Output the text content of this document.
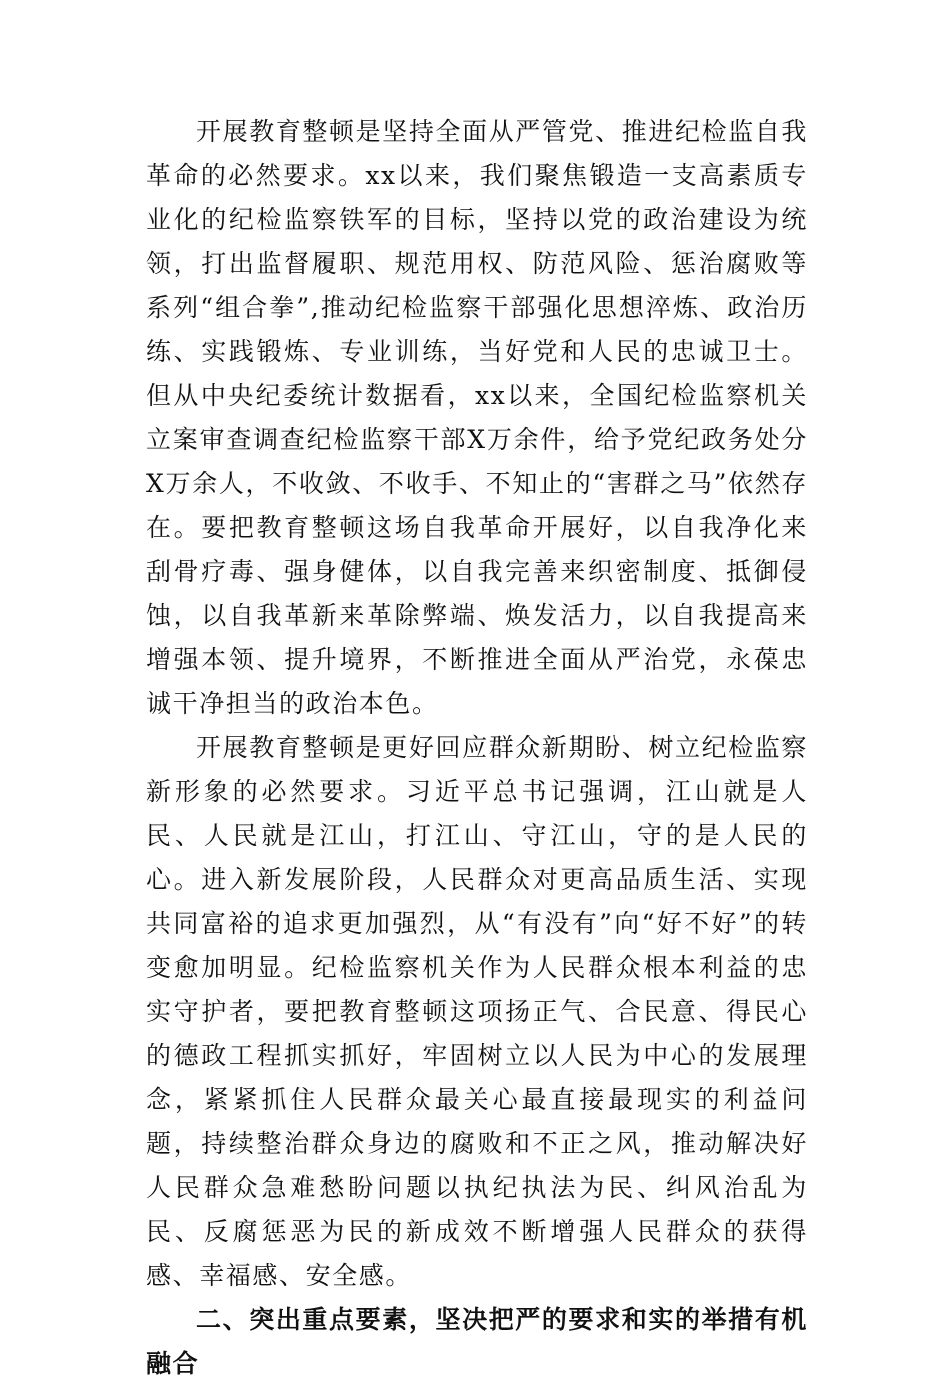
开展教育整顿是坚持全面从严管党、推进纪检监自我革命的必然要求。xx以来，我们聚焦锻造一支高素质专业化的纪检监察铁军的目标，坚持以党的政治建设为统领，打出监督履职、规范用权、防范风险、惩治腐败等系列“组合拳”,推动纪检监察干部强化思想淬炼、政治历练、实践锻炼、专业训练，当好党和人民的忠诚卫士。但从中央纪委统计数据看，xx以来，全国纪检监察机关立案审查调查纪检监察干部X万余件，给予党纪政务处分X万余人，不收敛、不收手、不知止的“害群之马”依然存在。要把教育整顿这场自我革命开展好，以自我净化来刮骨疗毒、强身健体，以自我完善来织密制度、抵御侵蚀，以自我革新来革除弊端、焕发活力，以自我提高来增强本领、提升境界，不断推进全面从严治党，永葆忠诚干净担当的政治本色。

开展教育整顿是更好回应群众新期盼、树立纪检监察新形象的必然要求。习近平总书记强调，江山就是人民、人民就是江山，打江山、守江山，守的是人民的心。进入新发展阶段，人民群众对更高品质生活、实现共同富裕的追求更加强烈，从“有没有”向“好不好”的转变愈加明显。纪检监察机关作为人民群众根本利益的忠实守护者，要把教育整顿这项扬正气、合民意、得民心的德政工程抓实抓好，牢固树立以人民为中心的发展理念，紧紧抓住人民群众最关心最直接最现实的利益问题，持续整治群众身边的腐败和不正之风，推动解决好人民群众急难愁盼问题以执纪执法为民、纠风治乱为民、反腐惩恶为民的新成效不断增强人民群众的获得感、幸福感、安全感。

二、突出重点要素，坚决把严的要求和实的举措有机融合
